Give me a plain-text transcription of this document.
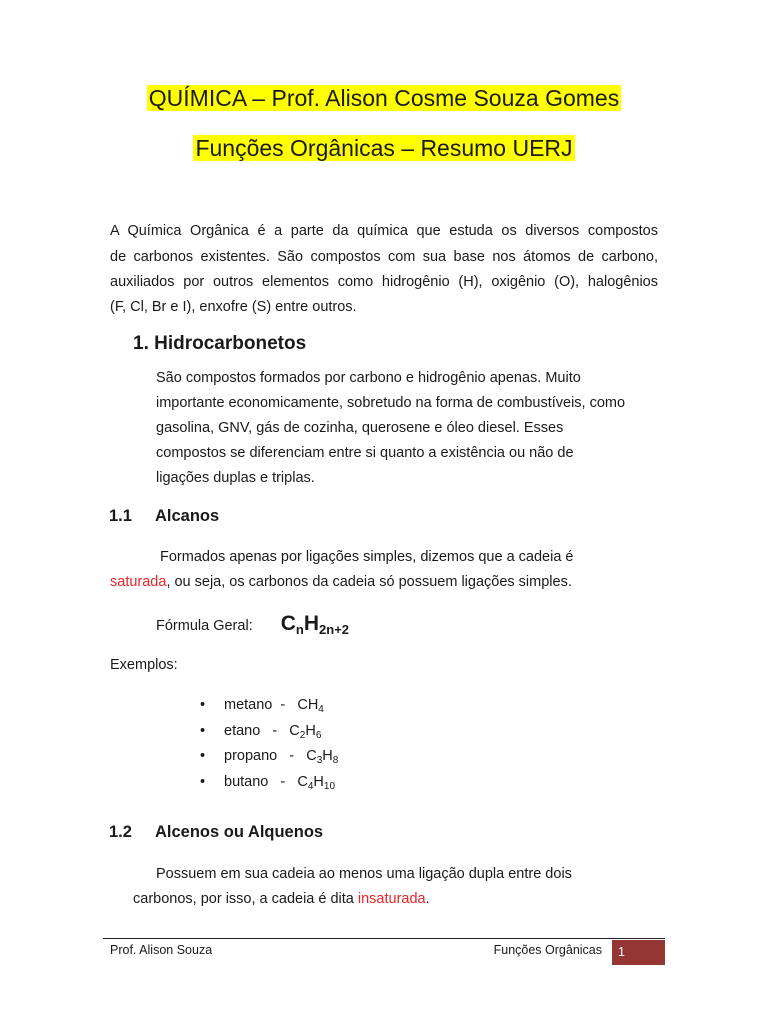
QUÍMICA – Prof. Alison Cosme Souza Gomes
Funções Orgânicas – Resumo UERJ
A Química Orgânica é a parte da química que estuda os diversos compostos
de carbonos existentes. São compostos com sua base nos átomos de carbono,
auxiliados por outros elementos como hidrogênio (H), oxigênio (O), halogênios
(F, Cl, Br e I), enxofre (S) entre outros.
1. Hidrocarbonetos
São compostos formados por carbono e hidrogênio apenas. Muito
importante economicamente, sobretudo na forma de combustíveis, como
gasolina, GNV, gás de cozinha, querosene e óleo diesel. Esses
compostos se diferenciam entre si quanto a existência ou não de
ligações duplas e triplas.
1.1 Alcanos
Formados apenas por ligações simples, dizemos que a cadeia é
saturada, ou seja, os carbonos da cadeia só possuem ligações simples.
Fórmula Geral: $C_nH_{2n+2}$
Exemplos:
• metano  -   $CH_4$
• etano   -   $C_2H_6$
• propano   -   $C_3H_8$
• butano   -   $C_4H_{10}$
1.2 Alcenos ou Alquenos
Possuem em sua cadeia ao menos uma ligação dupla entre dois
carbonos, por isso, a cadeia é dita insaturada.
Prof. Alison Souza	Funções Orgânicas	1
